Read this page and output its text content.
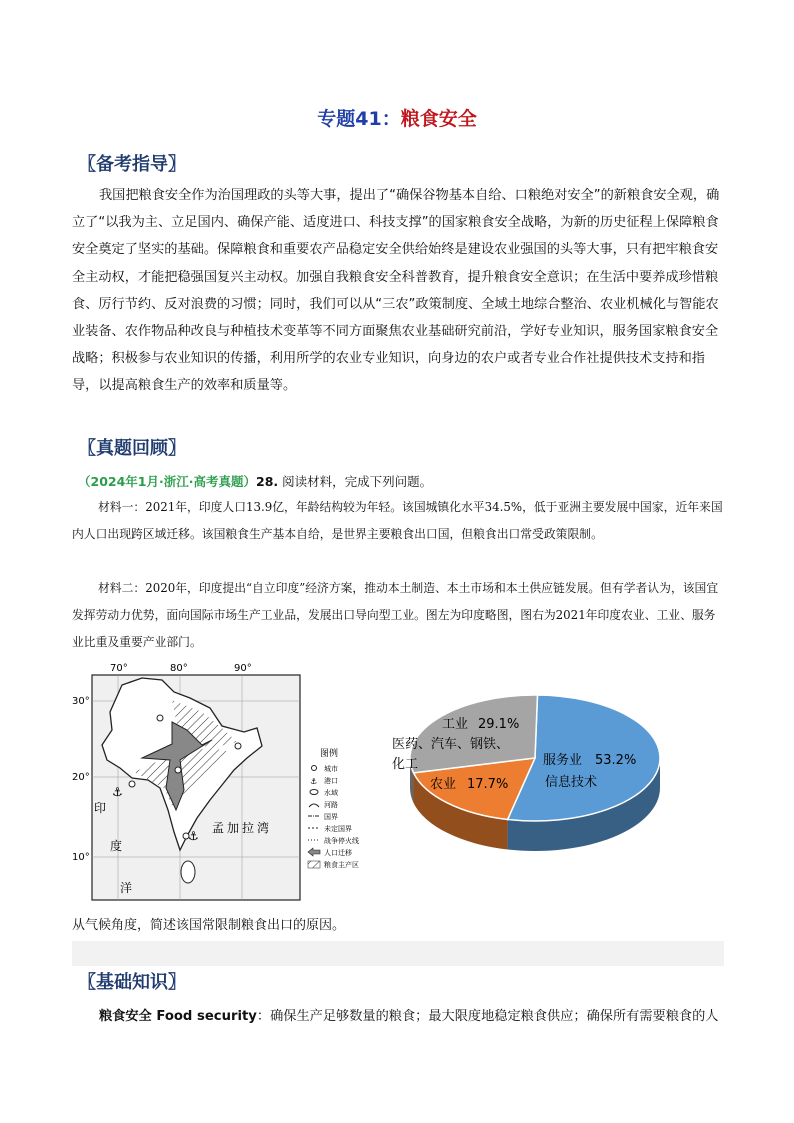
专题41：粮食安全
〖备考指导〗
我国把粮食安全作为治国理政的头等大事，提出了“确保谷物基本自给、口粮绝对安全”的新粮食安全观，确立了“以我为主、立足国内、确保产能、适度进口、科技支撑”的国家粮食安全战略，为新的历史征程上保障粮食安全奠定了坚实的基础。保障粮食和重要农产品稳定安全供给始终是建设农业强国的头等大事，只有把牢粮食安全主动权，才能把稳强国复兴主动权。加强自我粮食安全科普教育，提升粮食安全意识；在生活中要养成珍惜粮食、厉行节约、反对浪费的习惯；同时，我们可以从“三农”政策制度、全域土地综合整治、农业机械化与智能农业装备、农作物品种改良与种植技术变革等不同方面聚焦农业基础研究前沿，学好专业知识，服务国家粮食安全战略；积极参与农业知识的传播，利用所学的农业专业知识，向身边的农户或者专业合作社提供技术支持和指导，以提高粮食生产的效率和质量等。
〖真题回顾〗
（2024年1月·浙江·高考真题）28. 阅读材料，完成下列问题。
材料一：2021年，印度人口13.9亿，年龄结构较为年轻。该国城镇化水平34.5%，低于亚洲主要发展中国家，近年来国内人口出现跨区域迁移。该国粮食生产基本自给，是世界主要粮食出口国，但粮食出口常受政策限制。
材料二：2020年，印度提出“自立印度”经济方案，推动本土制造、本土市场和本土供应链发展。但有学者认为，该国宜发挥劳动力优势，面向国际市场生产工业品，发展出口导向型工业。图左为印度略图，图右为2021年印度农业、工业、服务业比重及重要产业部门。
70°	80°	90°
30°
20°
10°
⚓
⚓
印
度
洋
孟加拉湾
图例
城市
⚓ 港口
水域
河路
国界
未定国界
战争停火线
人口迁移
粮食主产区
工业 29.1%
医药、汽车、钢铁、
化工
农业 17.7%
服务业 53.2%
信息技术
从气候角度，简述该国常限制粮食出口的原因。
〖基础知识〗
粮食安全 Food security：确保生产足够数量的粮食；最大限度地稳定粮食供应；确保所有需要粮食的人
